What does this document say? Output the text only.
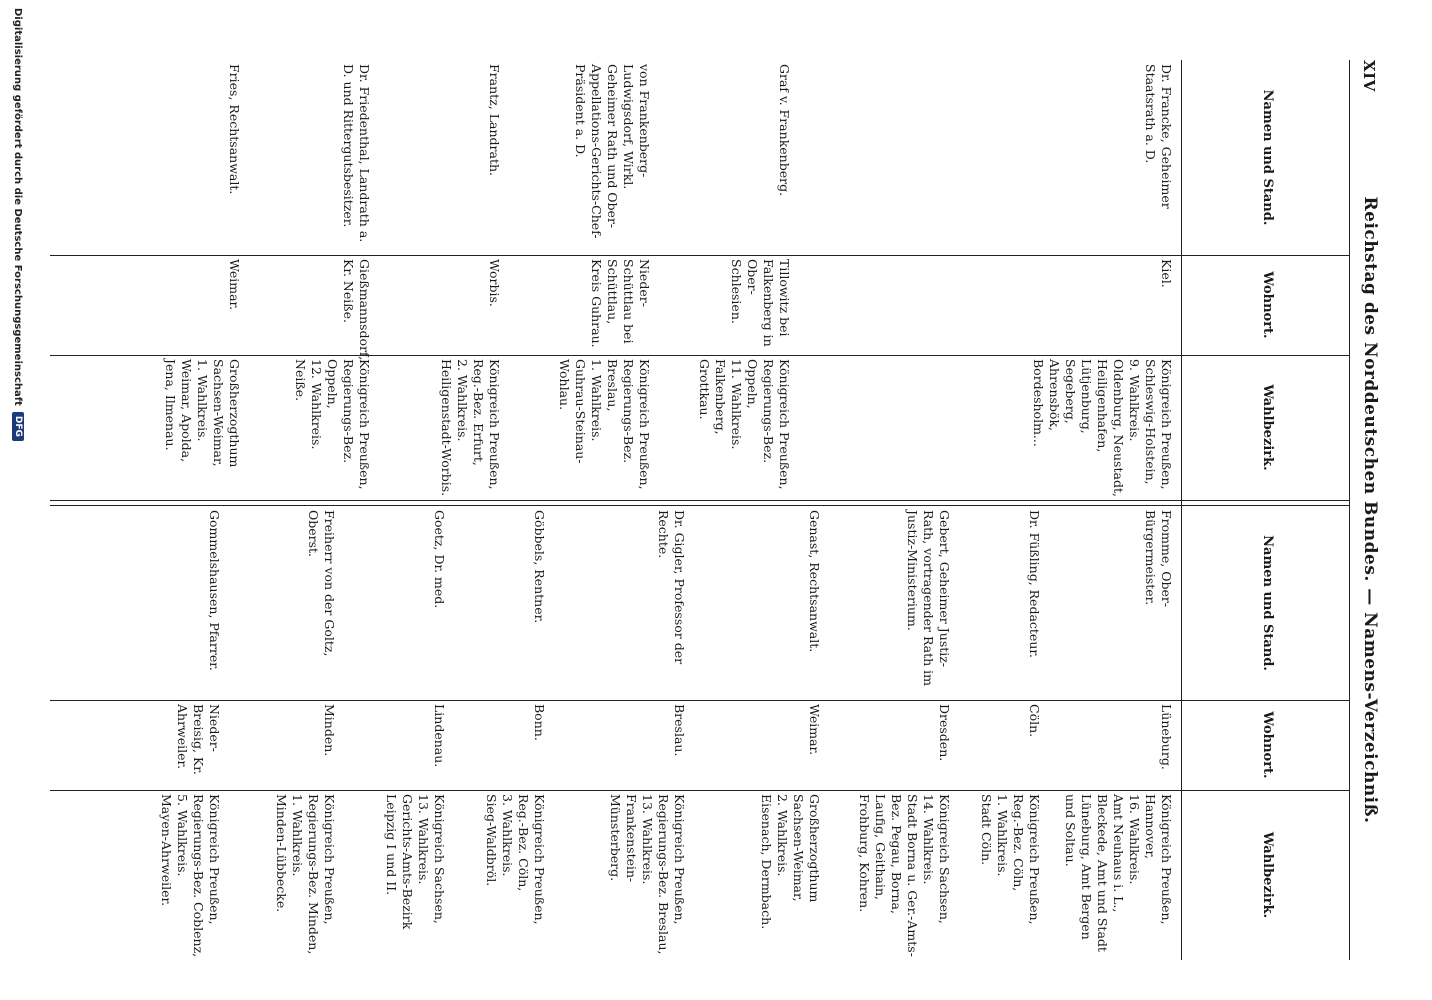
XIV
Reichstag des Norddeutschen Bundes. — Namens-Verzeichniß.
Namen und Stand.
Wohnort.
Wahlbezirk.
Namen und Stand.
Wohnort.
Wahlbezirk.
Dr. Francke, Geheimer Staatsrath a. D.
Kiel.
Königreich Preußen, Schleswig-Holstein,
9. Wahlkreis.
Oldenburg, Neustadt, Heiligenhafen, Lütjenburg, Segeberg, Ahrensbök, Bordesholm...
Graf v. Frankenberg.
Tillowitz bei Falkenberg in Ober-Schlesien.
Königreich Preußen, Regierungs-Bez. Oppeln,
11. Wahlkreis.
Falkenberg, Grottkau.
von Frankenberg-Ludwigsdorf, Wirkl. Geheimer Rath und Ober-Appellations-Gerichts-Chef-Präsident a. D.
Nieder-Schüttlau bei Schüttlau, Kreis Guhrau.
Königreich Preußen, Regierungs-Bez. Breslau,
1. Wahlkreis.
Guhrau-Steinau-Wohlau.
Frantz, Landrath.
Worbis.
Königreich Preußen, Reg.-Bez. Erfurt,
2. Wahlkreis.
Heiligenstadt-Worbis.
Dr. Friedenthal, Landrath a. D. und Rittergutsbesitzer.
Gießmannsdorf, Kr. Neiße.
Königreich Preußen, Regierungs-Bez. Oppeln,
12. Wahlkreis.
Neiße.
Fries, Rechtsanwalt.
Weimar.
Großherzogthum Sachsen-Weimar,
1. Wahlkreis.
Weimar, Apolda, Jena, Ilmenau.
Fromme, Ober-Bürgermeister.
Lüneburg.
Königreich Preußen, Hannover,
16. Wahlkreis.
Amt Neuhaus i. L., Bleckede, Amt und Stadt Lüneburg, Amt Bergen und Soltau.
Dr. Füßling, Redacteur.
Cöln.
Königreich Preußen, Reg.-Bez. Cöln,
1. Wahlkreis.
Stadt Cöln.
Gebert, Geheimer Justiz-Rath, vortragender Rath im Justiz-Ministerium.
Dresden.
Königreich Sachsen,
14. Wahlkreis.
Stadt Borna u. Ger.-Amts-Bez. Pegau, Borna, Laufig, Geithain, Frohburg, Kohren.
Genast, Rechtsanwalt.
Weimar.
Großherzogthum Sachsen-Weimar,
2. Wahlkreis.
Eisenach, Dermbach.
Dr. Gigler, Professor der Rechte.
Breslau.
Königreich Preußen, Regierungs-Bez. Breslau,
13. Wahlkreis.
Frankenstein-Münsterberg.
Göbbels, Rentner.
Bonn.
Königreich Preußen, Reg.-Bez. Cöln,
3. Wahlkreis.
Sieg-Waldbröl.
Goetz, Dr. med.
Lindenau.
Königreich Sachsen,
13. Wahlkreis.
Gerichts-Amts-Bezirk Leipzig I und II.
Freiherr von der Goltz, Oberst.
Minden.
Königreich Preußen, Regierungs-Bez. Minden,
1. Wahlkreis.
Minden-Lübbecke.
Gommelshausen, Pfarrer.
Nieder-Breisig, Kr. Ahrweiler.
Königreich Preußen, Regierungs-Bez. Coblenz,
5. Wahlkreis.
Mayen-Ahrweiler.
Digitalisierung gefördert durch die Deutsche Forschungsgemeinschaft
DFG
